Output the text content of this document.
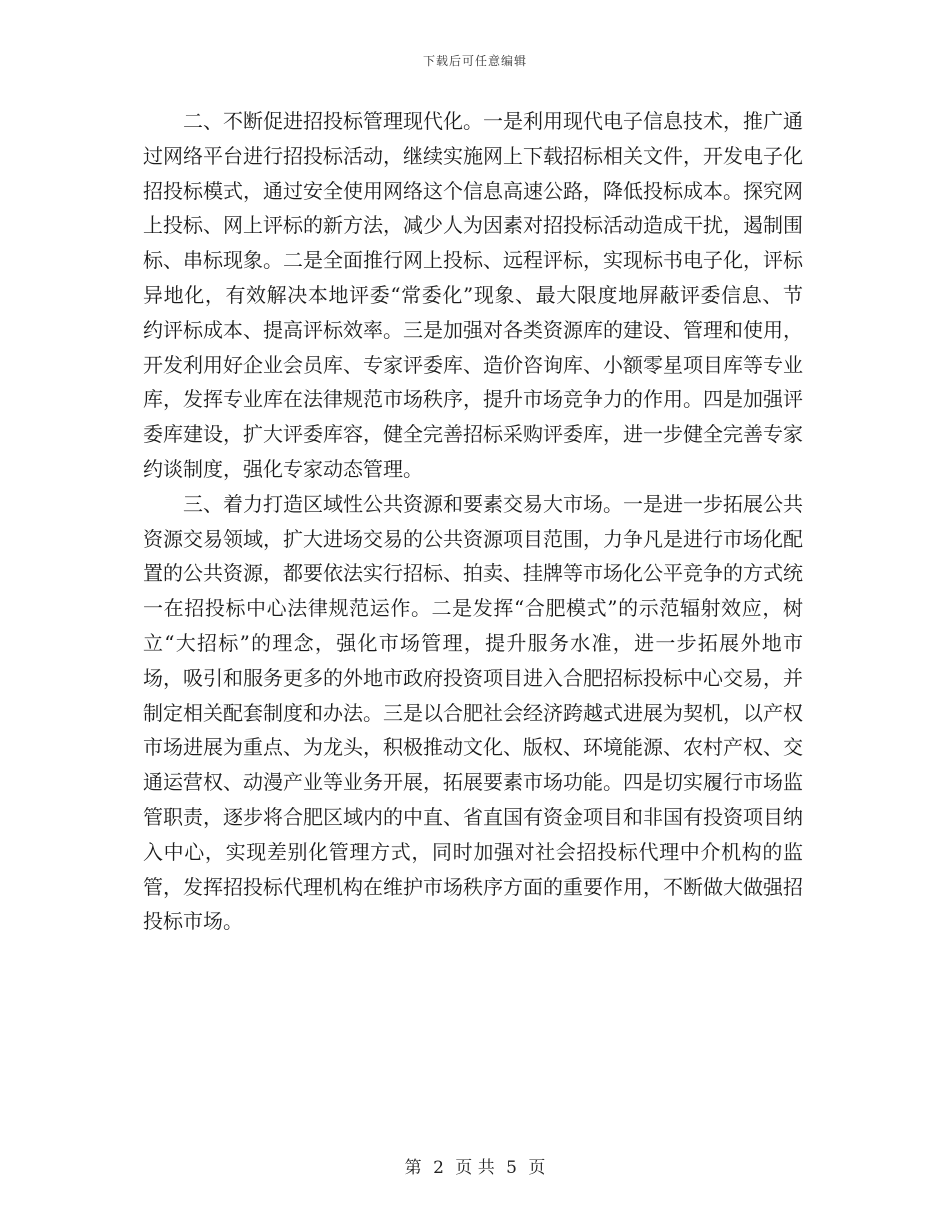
下载后可任意编辑

二、不断促进招投标管理现代化。一是利用现代电子信息技术，推广通过网络平台进行招投标活动，继续实施网上下载招标相关文件，开发电子化招投标模式，通过安全使用网络这个信息高速公路，降低投标成本。探究网上投标、网上评标的新方法，减少人为因素对招投标活动造成干扰，遏制围标、串标现象。二是全面推行网上投标、远程评标，实现标书电子化，评标异地化，有效解决本地评委“常委化”现象、最大限度地屏蔽评委信息、节约评标成本、提高评标效率。三是加强对各类资源库的建设、管理和使用，开发利用好企业会员库、专家评委库、造价咨询库、小额零星项目库等专业库，发挥专业库在法律规范市场秩序，提升市场竞争力的作用。四是加强评委库建设，扩大评委库容，健全完善招标采购评委库，进一步健全完善专家约谈制度，强化专家动态管理。

三、着力打造区域性公共资源和要素交易大市场。一是进一步拓展公共资源交易领域，扩大进场交易的公共资源项目范围，力争凡是进行市场化配置的公共资源，都要依法实行招标、拍卖、挂牌等市场化公平竞争的方式统一在招投标中心法律规范运作。二是发挥“合肥模式”的示范辐射效应，树立“大招标”的理念，强化市场管理，提升服务水准，进一步拓展外地市场，吸引和服务更多的外地市政府投资项目进入合肥招标投标中心交易，并制定相关配套制度和办法。三是以合肥社会经济跨越式进展为契机，以产权市场进展为重点、为龙头，积极推动文化、版权、环境能源、农村产权、交通运营权、动漫产业等业务开展，拓展要素市场功能。四是切实履行市场监管职责，逐步将合肥区域内的中直、省直国有资金项目和非国有投资项目纳入中心，实现差别化管理方式，同时加强对社会招投标代理中介机构的监管，发挥招投标代理机构在维护市场秩序方面的重要作用，不断做大做强招投标市场。

第 2 页 共 5 页
